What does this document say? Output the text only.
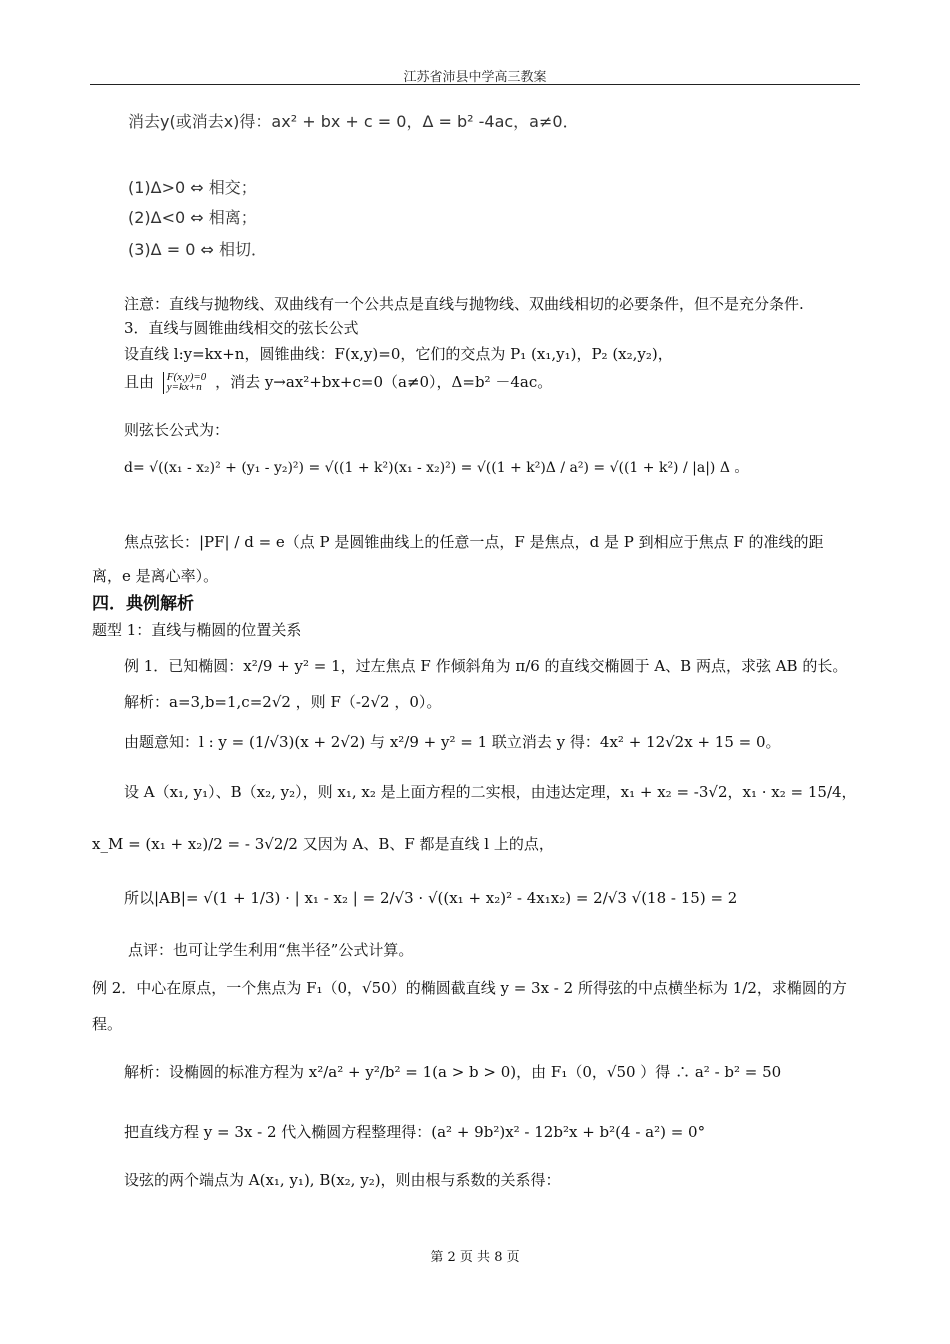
江苏省沛县中学高三教案
消去y(或消去x)得：ax² + bx + c = 0，Δ = b² -4ac，a≠0．
(1)Δ>0 ⇔ 相交；
(2)Δ<0 ⇔ 相离；
(3)Δ = 0 ⇔ 相切．
注意：直线与抛物线、双曲线有一个公共点是直线与抛物线、双曲线相切的必要条件，但不是充分条件.
3．直线与圆锥曲线相交的弦长公式
设直线 l:y=kx+n，圆锥曲线：F(x,y)=0，它们的交点为 P₁ (x₁,y₁)，P₂ (x₂,y₂)，
且由 F(x,y)=0
y=kx+n ，消去 y→ax²+bx+c=0（a≠0），Δ=b² －4ac。
则弦长公式为：
d= √((x₁ - x₂)² + (y₁ - y₂)²) = √((1 + k²)(x₁ - x₂)²) = √((1 + k²)Δ / a²) = √((1 + k²) / |a|) Δ 。
焦点弦长：|PF| / d = e（点 P 是圆锥曲线上的任意一点，F 是焦点，d 是 P 到相应于焦点 F 的准线的距
离，e 是离心率）。
四．典例解析
题型 1：直线与椭圆的位置关系
例 1．已知椭圆：x²/9 + y² = 1，过左焦点 F 作倾斜角为 π/6 的直线交椭圆于 A、B 两点，求弦 AB 的长。
解析：a=3,b=1,c=2√2 ，则 F（-2√2 ，0）。
由题意知：l : y = (1/√3)(x + 2√2) 与 x²/9 + y² = 1 联立消去 y 得：4x² + 12√2x + 15 = 0。
设 A（x₁, y₁）、B（x₂, y₂），则 x₁, x₂ 是上面方程的二实根，由违达定理，x₁ + x₂ = -3√2，x₁ · x₂ = 15/4，
x_M = (x₁ + x₂)/2 = - 3√2/2 又因为 A、B、F 都是直线 l 上的点，
所以|AB|= √(1 + 1/3) · | x₁ - x₂ | = 2/√3 · √((x₁ + x₂)² - 4x₁x₂) = 2/√3 √(18 - 15) = 2
点评：也可让学生利用“焦半径”公式计算。
例 2．中心在原点，一个焦点为 F₁（0，√50）的椭圆截直线 y = 3x - 2 所得弦的中点横坐标为 1/2，求椭圆的方
程。
解析：设椭圆的标准方程为 x²/a² + y²/b² = 1(a > b > 0)，由 F₁（0，√50 ）得 ∴ a² - b² = 50
把直线方程 y = 3x - 2 代入椭圆方程整理得：(a² + 9b²)x² - 12b²x + b²(4 - a²) = 0°
设弦的两个端点为 A(x₁, y₁), B(x₂, y₂)，则由根与系数的关系得：
第 2 页 共 8 页
